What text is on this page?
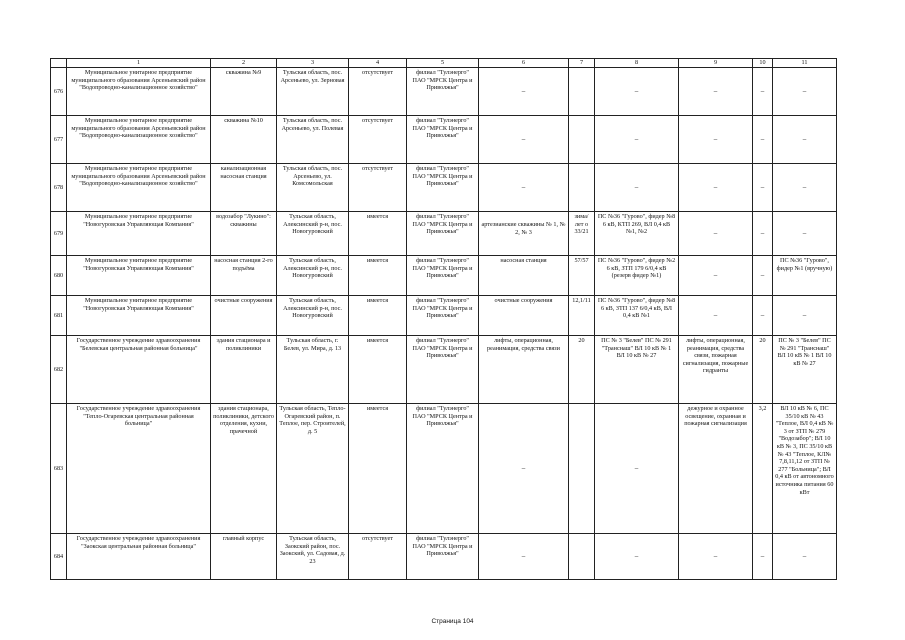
	1	2	3	4	5	6	7	8	9	10	11
676	Муниципальное унитарное предприятие муниципального образования Арсеньевский район "Водопроводно-канализационное хозяйство"	скважина №9	Тульская область, пос. Арсеньево, ул. Зерновая	отсутствует	филиал "Тулэнерго" ПАО "МРСК Центра и Приволжья"	–		–	–	–	–
677	Муниципальное унитарное предприятие муниципального образования Арсеньевский район "Водопроводно-канализационное хозяйство"	скважина №10	Тульская область, пос. Арсеньево, ул. Полевая	отсутствует	филиал "Тулэнерго" ПАО "МРСК Центра и Приволжья"	–		–	–	–	–
678	Муниципальное унитарное предприятие муниципального образования Арсеньевский район "Водопроводно-канализационное хозяйство"	канализационная насосная станция	Тульская область, пос. Арсеньево, ул. Комсомольская	отсутствует	филиал "Тулэнерго" ПАО "МРСК Центра и Приволжья"	–		–	–	–	–
679	Муниципальное унитарное предприятие "Новогуровская Управляющая Компания"	водозабор "Лукино": скважины	Тульская область, Алексинский р-н, пос. Новогуровский	имеется	филиал "Тулэнерго" ПАО "МРСК Центра и Приволжья"	артезианские скважины № 1, № 2, № 3	зима/лет о 33/21	ПС №36 "Гурово", фидер №8 6 кВ, КТП 269, ВЛ 0,4 кВ №1, №2	–	–	–
680	Муниципальное унитарное предприятие "Новогуровская Управляющая Компания"	насосная станция 2-го подъёма	Тульская область, Алексинский р-н, пос. Новогуровский	имеется	филиал "Тулэнерго" ПАО "МРСК Центра и Приволжья"	насосная станция	57/57	ПС №36 "Гурово", фидер №2 6 кВ, ЗТП 179 6/0,4 кВ (резерв фидер №1)	–	–	ПС №36 "Гурово", фидер №1 (вручную)
681	Муниципальное унитарное предприятие "Новогуровская Управляющая Компания"	очистные сооружения	Тульская область, Алексинский р-н, пос. Новогуровский	имеется	филиал "Тулэнерго" ПАО "МРСК Центра и Приволжья"	очистные сооружения	12,1/11	ПС №36 "Гурово", фидер №8 6 кВ, ЗТП 137 6/0,4 кВ, ВЛ 0,4 кВ №1	–	–	–
682	Государственное учреждение здравоохранения "Белевская центральная районная больница"	здания стационара и поликлиники	Тульская область, г. Белев, ул. Мира, д. 13	имеется	филиал "Тулэнерго" ПАО "МРСК Центра и Приволжья"	лифты, операционная, реанимация, средства связи	20	ПС № 3 "Белев" ПС № 291 "Транснаш" ВЛ 10 кВ № 1 ВЛ 10 кВ № 27	лифты, операционная, реанимация, средства связи, пожарная сигнализация, пожарные гидранты	20	ПС № 3 "Белев" ПС № 291 "Транснаш" ВЛ 10 кВ № 1 ВЛ 10 кВ № 27
683	Государственное учреждение здравоохранения "Тепло-Огаревская центральная районная больница"	здания стационара, поликлиники, детского отделения, кухни, прачечной	Тульская область, Тепло-Огаревский район, п. Теплое, пер. Строителей, д. 5	имеется	филиал "Тулэнерго" ПАО "МРСК Центра и Приволжья"	–		–	дежурное и охранное освещение, охранная и пожарная сигнализация	3,2	ВЛ 10 кВ № 6, ПС 35/10 кВ № 43 "Теплое, ВЛ 0,4 кВ № 3 от ЗТП № 279 "Водозабор"; ВЛ 10 кВ № 3, ПС 35/10 кВ № 43 "Теплое, КЛ№ 7,8,11,12 от ЗТП № 277 "Больница"; ВЛ 0,4 кВ от автономного источника питания 60 кВт
684	Государственное учреждение здравоохранения "Заокская центральная районная больница"	главный корпус	Тульская область, Заокский район, пос. Заокский, ул. Садовая, д. 23	отсутствует	филиал "Тулэнерго" ПАО "МРСК Центра и Приволжья"	–		–	–	–	–
Страница 104
